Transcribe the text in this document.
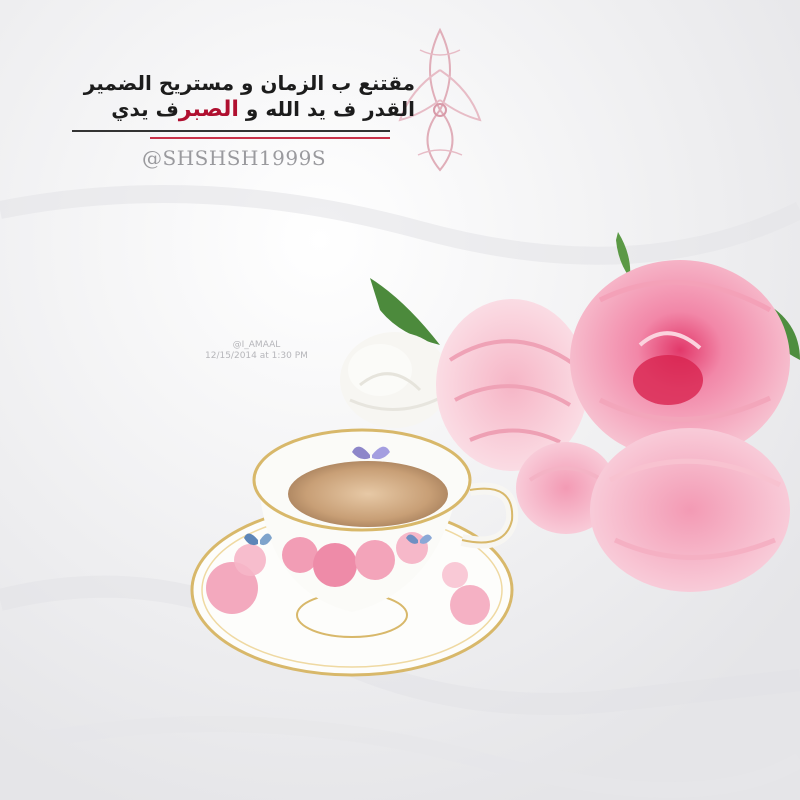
مقتنع ب الزمان و مستريح الضمير
القدر ف يد الله و الصبرف يدي
@SHSHSH1999S
@I_AMAAL
12/15/2014 at 1:30 PM
